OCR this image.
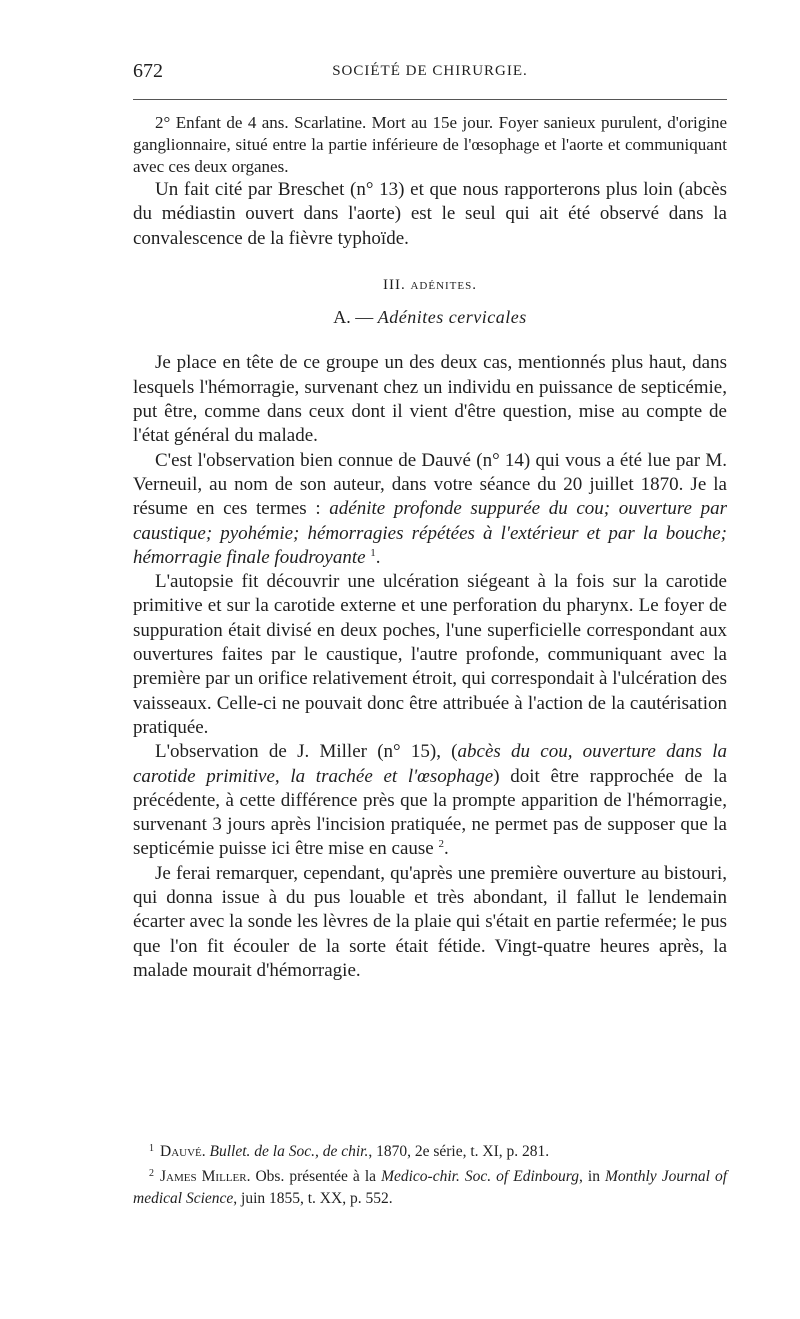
672	SOCIÉTÉ DE CHIRURGIE.

2° Enfant de 4 ans. Scarlatine. Mort au 15e jour. Foyer sanieux purulent, d'origine ganglionnaire, situé entre la partie inférieure de l'œsophage et l'aorte et communiquant avec ces deux organes.

Un fait cité par Breschet (n° 13) et que nous rapporterons plus loin (abcès du médiastin ouvert dans l'aorte) est le seul qui ait été observé dans la convalescence de la fièvre typhoïde.

III. adénites.
A. — Adénites cervicales

Je place en tête de ce groupe un des deux cas, mentionnés plus haut, dans lesquels l'hémorragie, survenant chez un individu en puissance de septicémie, put être, comme dans ceux dont il vient d'être question, mise au compte de l'état général du malade.

C'est l'observation bien connue de Dauvé (n° 14) qui vous a été lue par M. Verneuil, au nom de son auteur, dans votre séance du 20 juillet 1870. Je la résume en ces termes : adénite profonde suppurée du cou; ouverture par caustique; pyohémie; hémorragies répétées à l'extérieur et par la bouche; hémorragie finale foudroyante $^1$.

L'autopsie fit découvrir une ulcération siégeant à la fois sur la carotide primitive et sur la carotide externe et une perforation du pharynx. Le foyer de suppuration était divisé en deux poches, l'une superficielle correspondant aux ouvertures faites par le caustique, l'autre profonde, communiquant avec la première par un orifice relativement étroit, qui correspondait à l'ulcération des vaisseaux. Celle-ci ne pouvait donc être attribuée à l'action de la cautérisation pratiquée.

L'observation de J. Miller (n° 15), (abcès du cou, ouverture dans la carotide primitive, la trachée et l'œsophage) doit être rapprochée de la précédente, à cette différence près que la prompte apparition de l'hémorragie, survenant 3 jours après l'incision pratiquée, ne permet pas de supposer que la septicémie puisse ici être mise en cause $^2$.

Je ferai remarquer, cependant, qu'après une première ouverture au bistouri, qui donna issue à du pus louable et très abondant, il fallut le lendemain écarter avec la sonde les lèvres de la plaie qui s'était en partie refermée; le pus que l'on fit écouler de la sorte était fétide. Vingt-quatre heures après, la malade mourait d'hémorragie.

$^1$ Dauvé. Bullet. de la Soc., de chir., 1870, 2e série, t. XI, p. 281.

$^2$ James Miller. Obs. présentée à la Medico-chir. Soc. of Edinbourg, in Monthly Journal of medical Science, juin 1855, t. XX, p. 552.
